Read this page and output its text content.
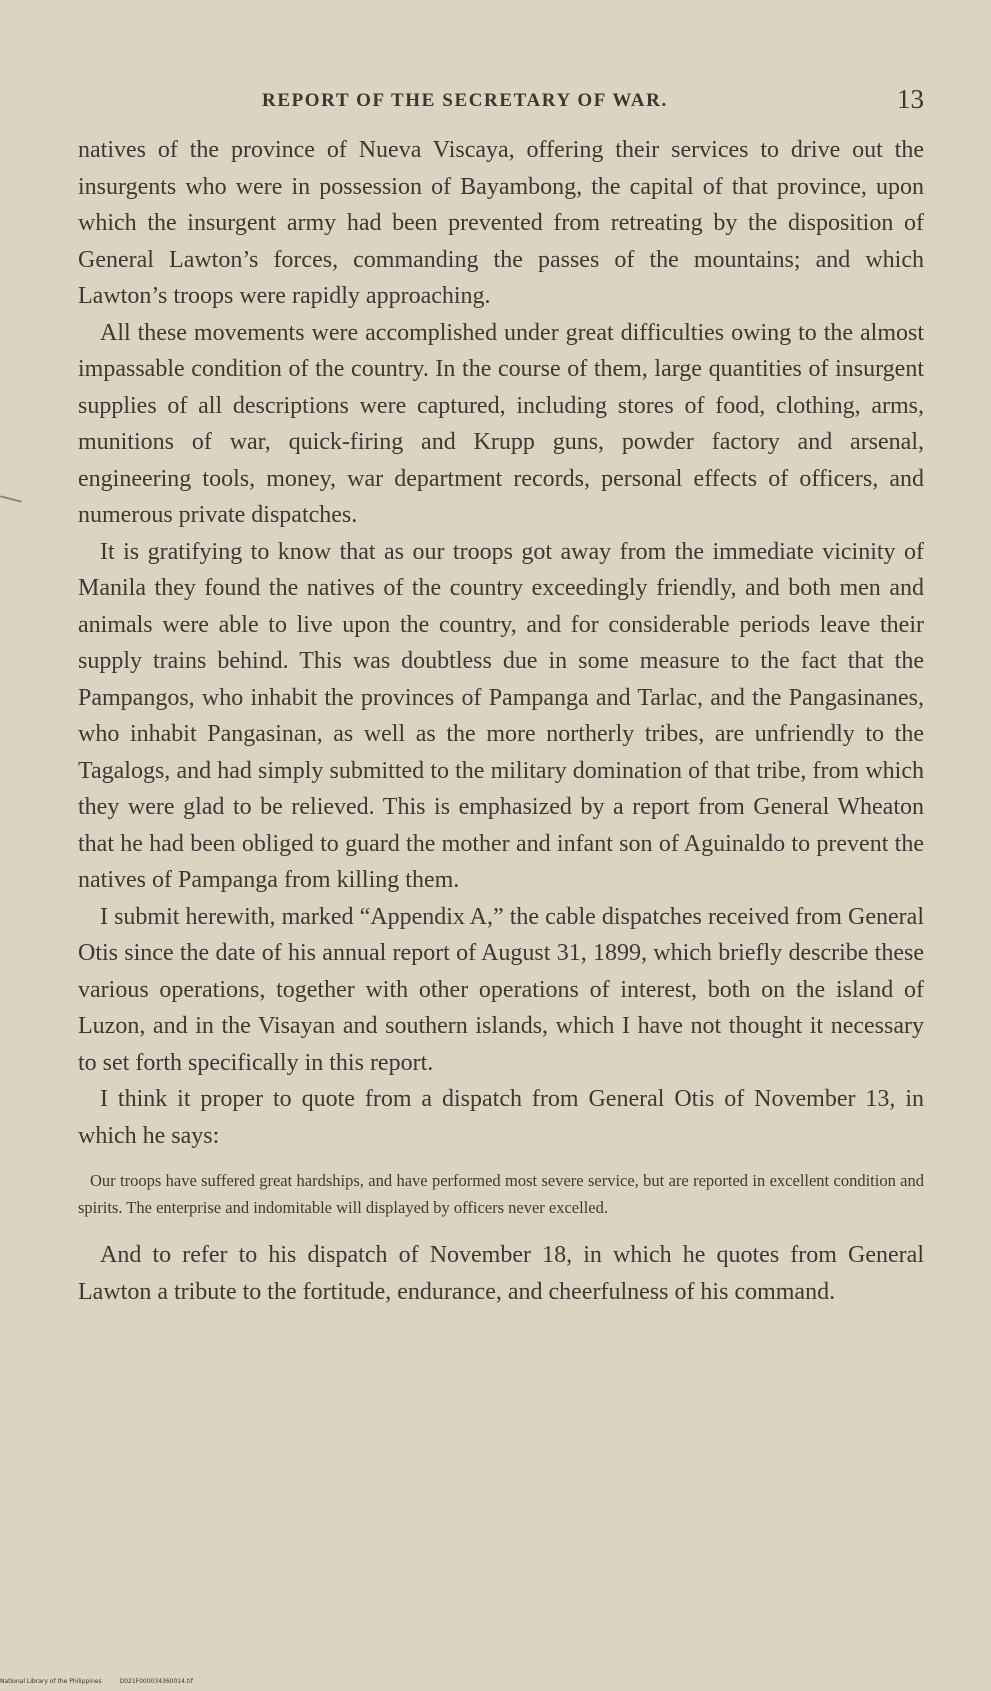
REPORT OF THE SECRETARY OF WAR.	13

natives of the province of Nueva Viscaya, offering their services to drive out the insurgents who were in possession of Bayambong, the capital of that province, upon which the insurgent army had been prevented from retreating by the disposition of General Lawton’s forces, commanding the passes of the mountains; and which Lawton’s troops were rapidly approaching.

All these movements were accomplished under great difficulties owing to the almost impassable condition of the country. In the course of them, large quantities of insurgent supplies of all descriptions were captured, including stores of food, clothing, arms, munitions of war, quick-firing and Krupp guns, powder factory and arsenal, engineering tools, money, war department records, personal effects of officers, and numerous private dispatches.

It is gratifying to know that as our troops got away from the immediate vicinity of Manila they found the natives of the country exceedingly friendly, and both men and animals were able to live upon the country, and for considerable periods leave their supply trains behind. This was doubtless due in some measure to the fact that the Pampangos, who inhabit the provinces of Pampanga and Tarlac, and the Pangasinanes, who inhabit Pangasinan, as well as the more northerly tribes, are unfriendly to the Tagalogs, and had simply submitted to the military domination of that tribe, from which they were glad to be relieved. This is emphasized by a report from General Wheaton that he had been obliged to guard the mother and infant son of Aguinaldo to prevent the natives of Pampanga from killing them.

I submit herewith, marked “Appendix A,” the cable dispatches received from General Otis since the date of his annual report of August 31, 1899, which briefly describe these various operations, together with other operations of interest, both on the island of Luzon, and in the Visayan and southern islands, which I have not thought it necessary to set forth specifically in this report.

I think it proper to quote from a dispatch from General Otis of November 13, in which he says:

Our troops have suffered great hardships, and have performed most severe service, but are reported in excellent condition and spirits. The enterprise and indomitable will displayed by officers never excelled.

And to refer to his dispatch of November 18, in which he quotes from General Lawton a tribute to the fortitude, endurance, and cheerfulness of his command.

National Library of the Philippines	D021F000034360014.tif
